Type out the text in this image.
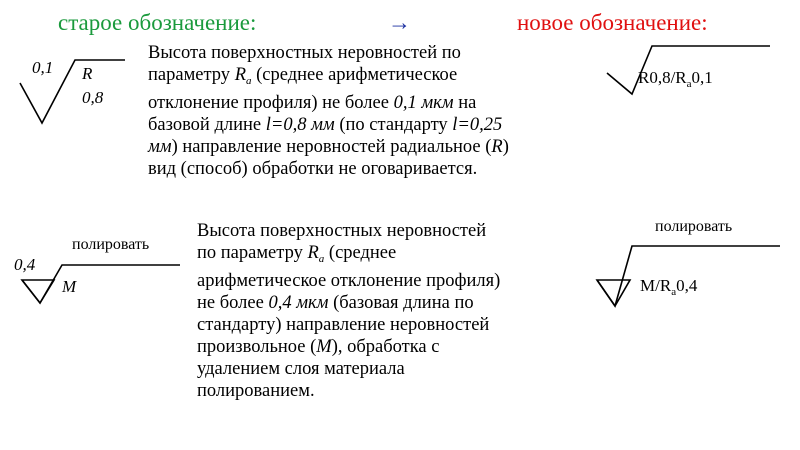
старое обозначение:	→	новое обозначение:
0,1 R
0,8
Высота поверхностных неровностей по
параметру $R_a$ (среднее арифметическое
отклонение профиля) не более 0,1 мкм на
базовой длине l=0,8 мм (по стандарту l=0,25
мм) направление неровностей радиальное (R)
вид (способ) обработки не оговаривается.
$R0,8/R_a0,1$
полировать
0,4
M
Высота поверхностных неровностей
по параметру $R_a$ (среднее
арифметическое отклонение профиля)
не более 0,4 мкм (базовая длина по
стандарту) направление неровностей
произвольное (М), обработка с
удалением слоя материала
полированием.
полировать
$M/R_a0,4$
